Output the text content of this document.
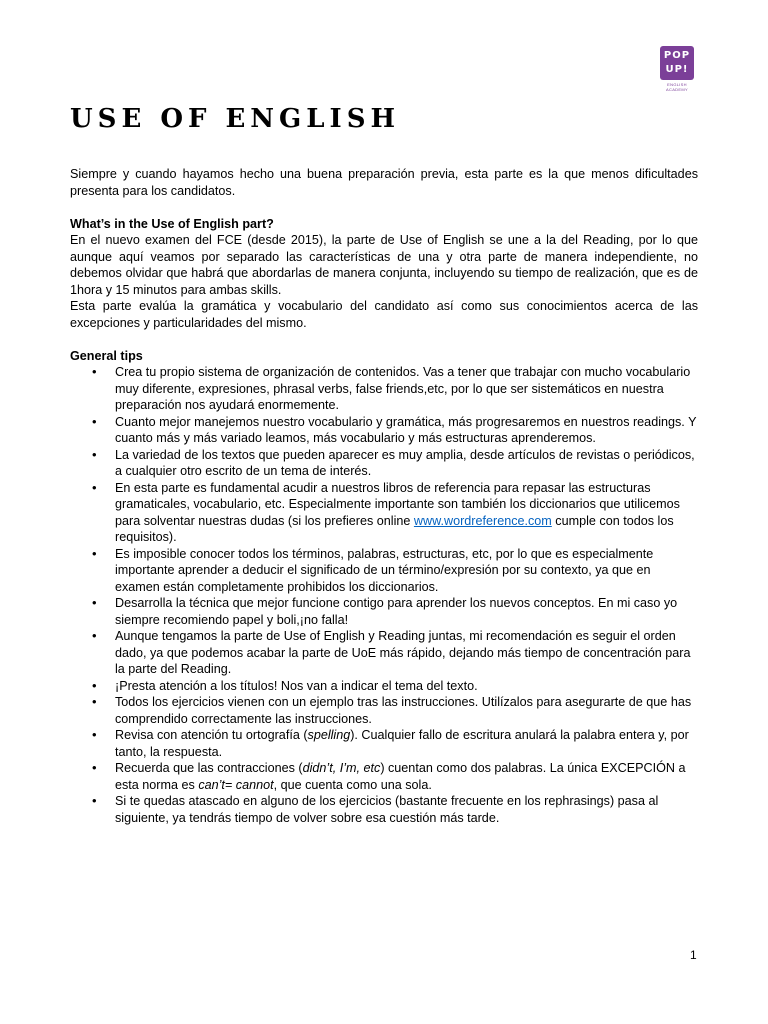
POP
UP!
ENGLISH ACADEMY
USE OF ENGLISH

Siempre y cuando hayamos hecho una buena preparación previa, esta parte es la que menos dificultades presenta para los candidatos.

What’s in the Use of English part?

En el nuevo examen del FCE (desde 2015), la parte de Use of English se une a la del Reading, por lo que aunque aquí veamos por separado las características de una y otra parte de manera independiente, no debemos olvidar que habrá que abordarlas de manera conjunta, incluyendo su tiempo de realización, que es de 1hora y 15 minutos para ambas skills.

Esta parte evalúa la gramática y vocabulario del candidato así como sus conocimientos acerca de las excepciones y particularidades del mismo.

General tips
• Crea tu propio sistema de organización de contenidos. Vas a tener que trabajar con mucho vocabulario muy diferente, expresiones, phrasal verbs, false friends,etc, por lo que ser sistemáticos en nuestra preparación nos ayudará enormemente.
• Cuanto mejor manejemos nuestro vocabulario y gramática, más progresaremos en nuestros readings. Y cuanto más y más variado leamos, más vocabulario y más estructuras aprenderemos.
• La variedad de los textos que pueden aparecer es muy amplia, desde artículos de revistas o periódicos, a cualquier otro escrito de un tema de interés.
• En esta parte es fundamental acudir a nuestros libros de referencia para repasar las estructuras gramaticales, vocabulario, etc. Especialmente importante son también los diccionarios que utilicemos para solventar nuestras dudas (si los prefieres online www.wordreference.com cumple con todos los requisitos).
• Es imposible conocer todos los términos, palabras, estructuras, etc, por lo que es especialmente importante aprender a deducir el significado de un término/expresión por su contexto, ya que en examen están completamente prohibidos los diccionarios.
• Desarrolla la técnica que mejor funcione contigo para aprender los nuevos conceptos. En mi caso yo siempre recomiendo papel y boli,¡no falla!
• Aunque tengamos la parte de Use of English y Reading juntas, mi recomendación es seguir el orden dado, ya que podemos acabar la parte de UoE más rápido, dejando más tiempo de concentración para la parte del Reading.
• ¡Presta atención a los títulos! Nos van a indicar el tema del texto.
• Todos los ejercicios vienen con un ejemplo tras las instrucciones. Utilízalos para asegurarte de que has comprendido correctamente las instrucciones.
• Revisa con atención tu ortografía (spelling). Cualquier fallo de escritura anulará la palabra entera y, por tanto, la respuesta.
• Recuerda que las contracciones (didn’t, I’m, etc) cuentan como dos palabras. La única EXCEPCIÓN a esta norma es can’t= cannot, que cuenta como una sola.
• Si te quedas atascado en alguno de los ejercicios (bastante frecuente en los rephrasings) pasa al siguiente, ya tendrás tiempo de volver sobre esa cuestión más tarde.
1
